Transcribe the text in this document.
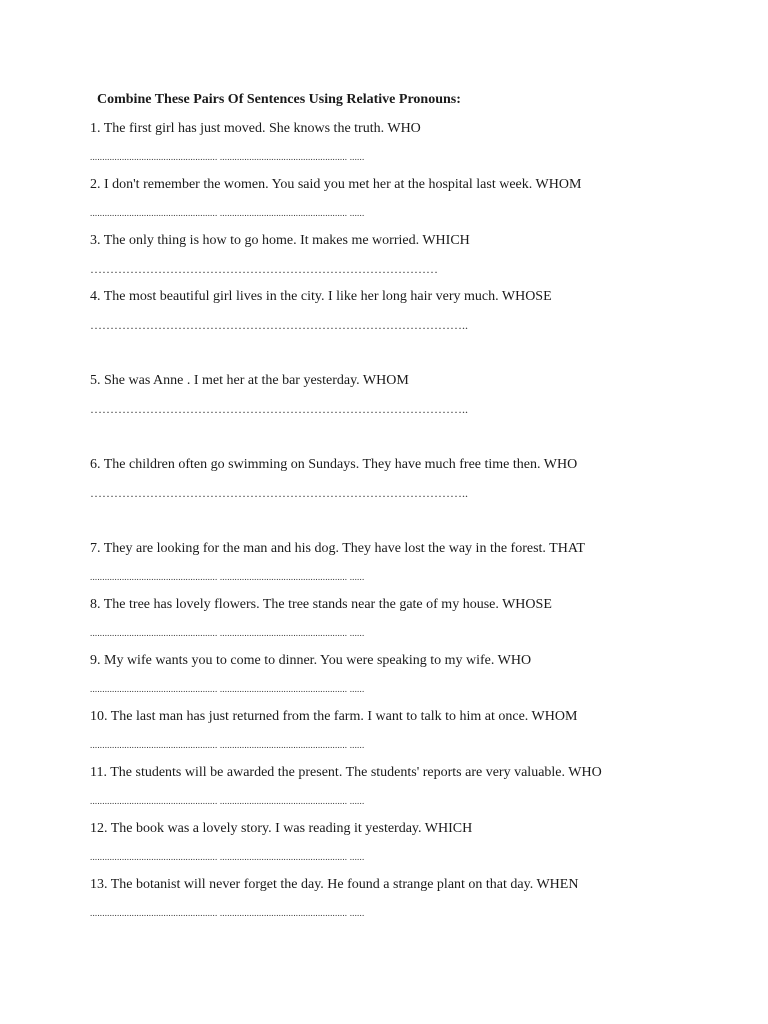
Combine These Pairs Of Sentences Using Relative Pronouns:
1. The first girl has just moved. She knows the truth. WHO
.................................................... .................................................... ......
2. I don't remember the women. You said you met her at the hospital last week. WHOM
.................................................... .................................................... ......
3. The only thing is how to go home. It makes me worried. WHICH
……………………………………………………………………………
4. The most beautiful girl lives in the city. I like her long hair very much. WHOSE
…………………………………………………………………………………..
5. She was Anne . I met her at the bar yesterday. WHOM
…………………………………………………………………………………..
6. The children often go swimming on Sundays. They have much free time then. WHO
…………………………………………………………………………………..
7. They are looking for the man and his dog. They have lost the way in the forest. THAT
.................................................... .................................................... ......
8. The tree has lovely flowers. The tree stands near the gate of my house. WHOSE
.................................................... .................................................... ......
9. My wife wants you to come to dinner. You were speaking to my wife. WHO
.................................................... .................................................... ......
10. The last man has just returned from the farm. I want to talk to him at once. WHOM
.................................................... .................................................... ......
11. The students will be awarded the present. The students' reports are very valuable. WHO
.................................................... .................................................... ......
12. The book was a lovely story. I was reading it yesterday. WHICH
.................................................... .................................................... ......
13. The botanist will never forget the day. He found a strange plant on that day. WHEN
.................................................... .................................................... ......
